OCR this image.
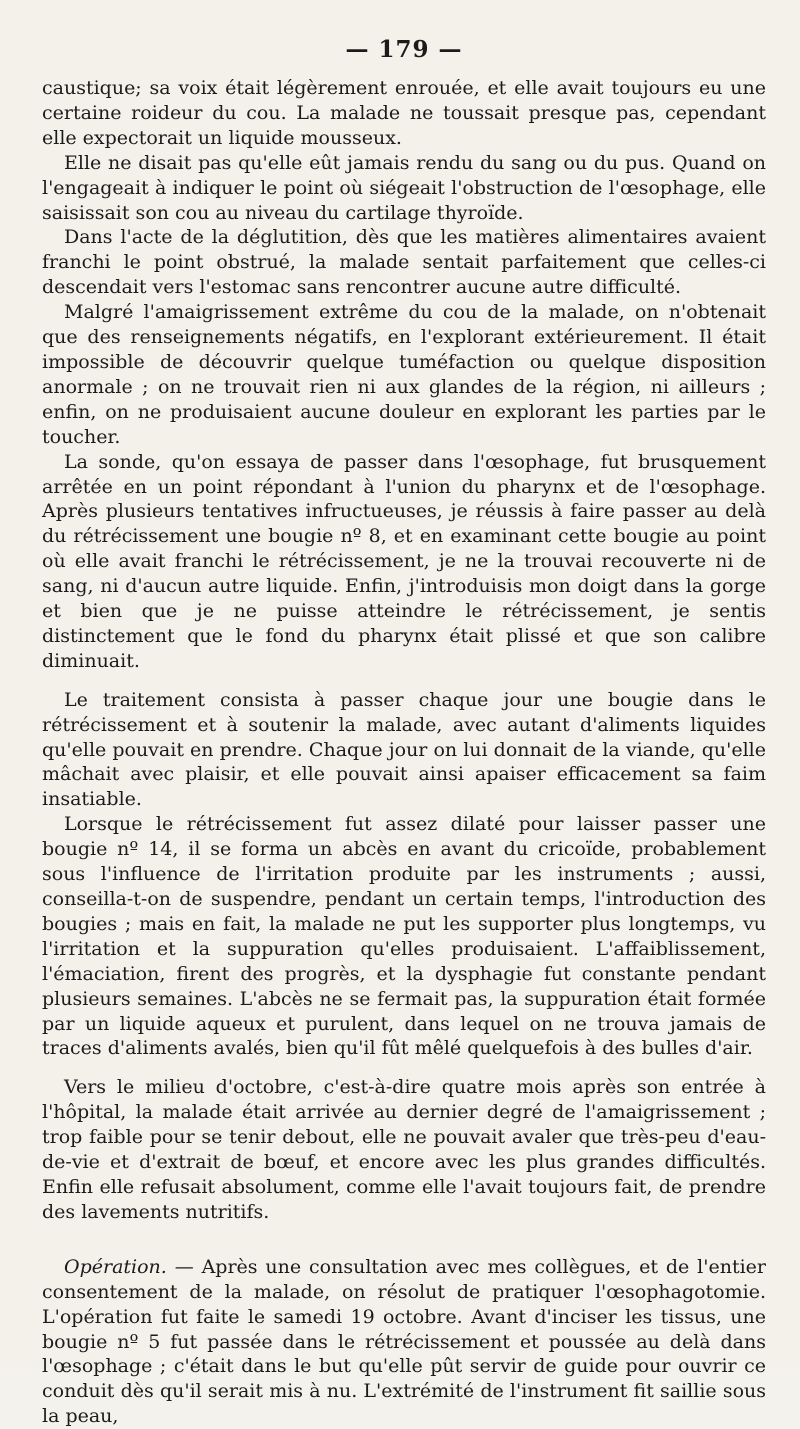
— 179 —

caustique; sa voix était légèrement enrouée, et elle avait toujours eu une certaine roideur du cou. La malade ne toussait presque pas, cependant elle expectorait un liquide mousseux.

Elle ne disait pas qu'elle eût jamais rendu du sang ou du pus. Quand on l'engageait à indiquer le point où siégeait l'obstruction de l'œsophage, elle saisissait son cou au niveau du cartilage thyroïde.

Dans l'acte de la déglutition, dès que les matières alimentaires avaient franchi le point obstrué, la malade sentait parfaitement que celles-ci descendait vers l'estomac sans rencontrer aucune autre difficulté.

Malgré l'amaigrissement extrême du cou de la malade, on n'obtenait que des renseignements négatifs, en l'explorant extérieurement. Il était impossible de découvrir quelque tuméfaction ou quelque disposition anormale ; on ne trouvait rien ni aux glandes de la région, ni ailleurs ; enfin, on ne produisaient aucune douleur en explorant les parties par le toucher.

La sonde, qu'on essaya de passer dans l'œsophage, fut brusquement arrêtée en un point répondant à l'union du pharynx et de l'œsophage. Après plusieurs tentatives infructueuses, je réussis à faire passer au delà du rétrécissement une bougie nº 8, et en examinant cette bougie au point où elle avait franchi le rétrécissement, je ne la trouvai recouverte ni de sang, ni d'aucun autre liquide. Enfin, j'introduisis mon doigt dans la gorge et bien que je ne puisse atteindre le rétrécissement, je sentis distinctement que le fond du pharynx était plissé et que son calibre diminuait.

Le traitement consista à passer chaque jour une bougie dans le rétrécissement et à soutenir la malade, avec autant d'aliments liquides qu'elle pouvait en prendre. Chaque jour on lui donnait de la viande, qu'elle mâchait avec plaisir, et elle pouvait ainsi apaiser efficacement sa faim insatiable.

Lorsque le rétrécissement fut assez dilaté pour laisser passer une bougie nº 14, il se forma un abcès en avant du cricoïde, probablement sous l'influence de l'irritation produite par les instruments ; aussi, conseilla-t-on de suspendre, pendant un certain temps, l'introduction des bougies ; mais en fait, la malade ne put les supporter plus longtemps, vu l'irritation et la suppuration qu'elles produisaient. L'affaiblissement, l'émaciation, firent des progrès, et la dysphagie fut constante pendant plusieurs semaines. L'abcès ne se fermait pas, la suppuration était formée par un liquide aqueux et purulent, dans lequel on ne trouva jamais de traces d'aliments avalés, bien qu'il fût mêlé quelquefois à des bulles d'air.

Vers le milieu d'octobre, c'est-à-dire quatre mois après son entrée à l'hôpital, la malade était arrivée au dernier degré de l'amaigrissement ; trop faible pour se tenir debout, elle ne pouvait avaler que très-peu d'eau-de-vie et d'extrait de bœuf, et encore avec les plus grandes difficultés. Enfin elle refusait absolument, comme elle l'avait toujours fait, de prendre des lavements nutritifs.

Opération. — Après une consultation avec mes collègues, et de l'entier consentement de la malade, on résolut de pratiquer l'œsophagotomie. L'opération fut faite le samedi 19 octobre. Avant d'inciser les tissus, une bougie nº 5 fut passée dans le rétrécissement et poussée au delà dans l'œsophage ; c'était dans le but qu'elle pût servir de guide pour ouvrir ce conduit dès qu'il serait mis à nu. L'extrémité de l'instrument fit saillie sous la peau,
